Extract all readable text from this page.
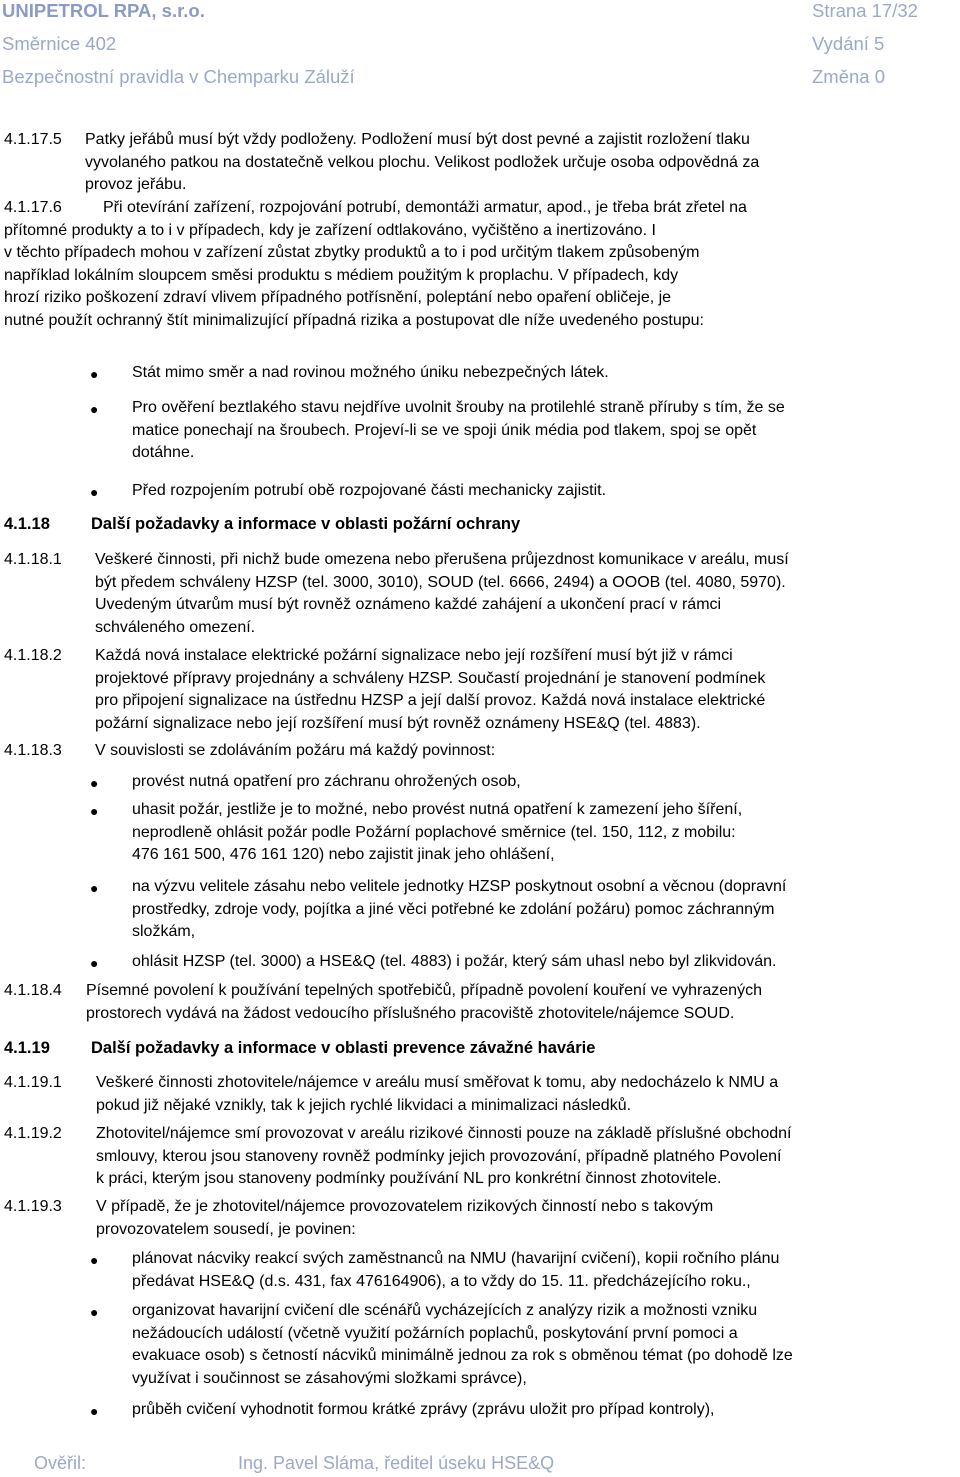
UNIPETROL RPA, s.r.o.	Strana 17/32
Směrnice 402	Vydání 5
Bezpečnostní pravidla v Chemparku Záluží	Změna 0
4.1.17.5 Patky jeřábů musí být vždy podloženy. Podložení musí být dost pevné a zajistit rozložení tlaku
vyvolaného patkou na dostatečně velkou plochu. Velikost podložek určuje osoba odpovědná za
provoz jeřábu.
4.1.17.6	Při otevírání zařízení, rozpojování potrubí, demontáži armatur, apod., je třeba brát zřetel na
přítomné produkty a to i v případech, kdy je zařízení odtlakováno, vyčištěno a inertizováno. I
v těchto případech mohou v zařízení zůstat zbytky produktů a to i pod určitým tlakem způsobeným
například lokálním sloupcem směsi produktu s médiem použitým k proplachu. V případech, kdy
hrozí riziko poškození zdraví vlivem případného potřísnění, poleptání nebo opaření obličeje, je
nutné použít ochranný štít minimalizující případná rizika a postupovat dle níže uvedeného postupu:
● Stát mimo směr a nad rovinou možného úniku nebezpečných látek.
● Pro ověření beztlakého stavu nejdříve uvolnit šrouby na protilehlé straně příruby s tím, že se
matice ponechají na šroubech. Projeví-li se ve spoji únik média pod tlakem, spoj se opět
dotáhne.
● Před rozpojením potrubí obě rozpojované části mechanicky zajistit.
4.1.18 Další požadavky a informace v oblasti požární ochrany
4.1.18.1 Veškeré činnosti, při nichž bude omezena nebo přerušena průjezdnost komunikace v areálu, musí
být předem schváleny HZSP (tel. 3000, 3010), SOUD (tel. 6666, 2494) a OOOB (tel. 4080, 5970).
Uvedeným útvarům musí být rovněž oznámeno každé zahájení a ukončení prací v rámci
schváleného omezení.
4.1.18.2 Každá nová instalace elektrické požární signalizace nebo její rozšíření musí být již v rámci
projektové přípravy projednány a schváleny HZSP. Součastí projednání je stanovení podmínek
pro připojení signalizace na ústřednu HZSP a její další provoz. Každá nová instalace elektrické
požární signalizace nebo její rozšíření musí být rovněž oznámeny HSE&Q (tel. 4883).
4.1.18.3 V souvislosti se zdoláváním požáru má každý povinnost:
● provést nutná opatření pro záchranu ohrožených osob,
● uhasit požár, jestliže je to možné, nebo provést nutná opatření k zamezení jeho šíření,
neprodleně ohlásit požár podle Požární poplachové směrnice (tel. 150, 112, z mobilu:
476 161 500, 476 161 120) nebo zajistit jinak jeho ohlášení,
● na výzvu velitele zásahu nebo velitele jednotky HZSP poskytnout osobní a věcnou (dopravní
prostředky, zdroje vody, pojítka a jiné věci potřebné ke zdolání požáru) pomoc záchranným
složkám,
● ohlásit HZSP (tel. 3000) a HSE&Q (tel. 4883) i požár, který sám uhasl nebo byl zlikvidován.
4.1.18.4 Písemné povolení k používání tepelných spotřebičů, případně povolení kouření ve vyhrazených
prostorech vydává na žádost vedoucího příslušného pracoviště zhotovitele/nájemce SOUD.
4.1.19 Další požadavky a informace v oblasti prevence závažné havárie
4.1.19.1 Veškeré činnosti zhotovitele/nájemce v areálu musí směřovat k tomu, aby nedocházelo k NMU a
pokud již nějaké vznikly, tak k jejich rychlé likvidaci a minimalizaci následků.
4.1.19.2 Zhotovitel/nájemce smí provozovat v areálu rizikové činnosti pouze na základě příslušné obchodní
smlouvy, kterou jsou stanoveny rovněž podmínky jejich provozování, případně platného Povolení
k práci, kterým jsou stanoveny podmínky používání NL pro konkrétní činnost zhotovitele.
4.1.19.3 V případě, že je zhotovitel/nájemce provozovatelem rizikových činností nebo s takovým
provozovatelem sousedí, je povinen:
● plánovat nácviky reakcí svých zaměstnanců na NMU (havarijní cvičení), kopii ročního plánu
předávat HSE&Q (d.s. 431, fax 476164906), a to vždy do 15. 11. předcházejícího roku.,
● organizovat havarijní cvičení dle scénářů vycházejících z analýzy rizik a možnosti vzniku
nežádoucích událostí (včetně využití požárních poplachů, poskytování první pomoci a
evakuace osob) s četností nácviků minimálně jednou za rok s obměnou témat (po dohodě lze
využívat i součinnost se zásahovými složkami správce),
● průběh cvičení vyhodnotit formou krátké zprávy (zprávu uložit pro případ kontroly),
Ověřil:	Ing. Pavel Sláma, ředitel úseku HSE&Q
